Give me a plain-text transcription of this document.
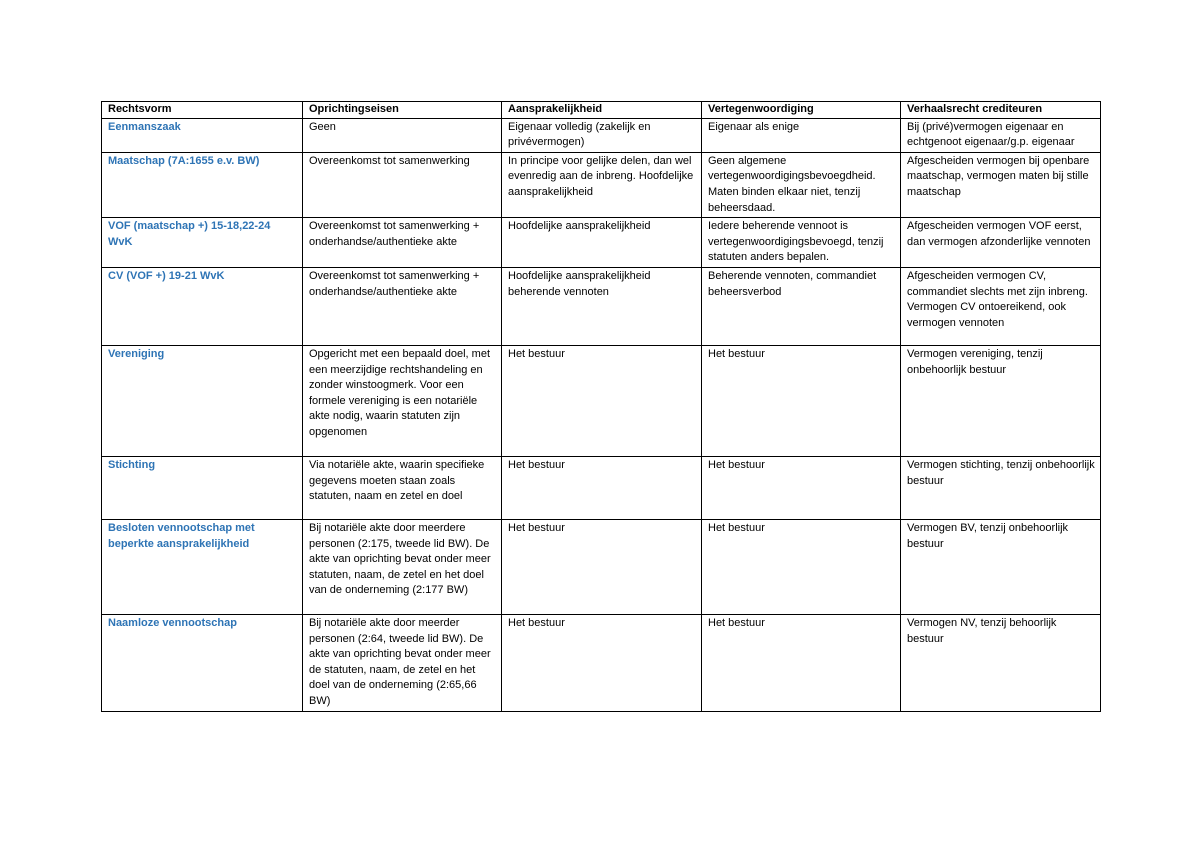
Rechtsvorm	Oprichtingseisen	Aansprakelijkheid	Vertegenwoordiging	Verhaalsrecht crediteuren
Eenmanszaak	Geen	Eigenaar volledig (zakelijk en privévermogen)	Eigenaar als enige	Bij (privé)vermogen eigenaar en echtgenoot eigenaar/g.p. eigenaar
Maatschap (7A:1655 e.v. BW)	Overeenkomst tot samenwerking	In principe voor gelijke delen, dan wel evenredig aan de inbreng. Hoofdelijke aansprakelijkheid	Geen algemene vertegenwoordigingsbevoegdheid. Maten binden elkaar niet, tenzij beheersdaad.	Afgescheiden vermogen bij openbare maatschap, vermogen maten bij stille maatschap
VOF (maatschap +) 15-18,22-24 WvK	Overeenkomst tot samenwerking + onderhandse/authentieke akte	Hoofdelijke aansprakelijkheid	Iedere beherende vennoot is vertegenwoordigingsbevoegd, tenzij statuten anders bepalen.	Afgescheiden vermogen VOF eerst, dan vermogen afzonderlijke vennoten
CV (VOF +) 19-21 WvK	Overeenkomst tot samenwerking + onderhandse/authentieke akte	Hoofdelijke aansprakelijkheid beherende vennoten	Beherende vennoten, commandiet beheersverbod	Afgescheiden vermogen CV, commandiet slechts met zijn inbreng. Vermogen CV ontoereikend, ook vermogen vennoten
Vereniging	Opgericht met een bepaald doel, met een meerzijdige rechtshandeling en zonder winstoogmerk. Voor een formele vereniging is een notariële akte nodig, waarin statuten zijn opgenomen	Het bestuur	Het bestuur	Vermogen vereniging, tenzij onbehoorlijk bestuur
Stichting	Via notariële akte, waarin specifieke gegevens moeten staan zoals statuten, naam en zetel en doel	Het bestuur	Het bestuur	Vermogen stichting, tenzij onbehoorlijk bestuur
Besloten vennootschap met beperkte aansprakelijkheid	Bij notariële akte door meerdere personen (2:175, tweede lid BW). De akte van oprichting bevat onder meer statuten, naam, de zetel en het doel van de onderneming (2:177 BW)	Het bestuur	Het bestuur	Vermogen BV, tenzij onbehoorlijk bestuur
Naamloze vennootschap	Bij notariële akte door meerder personen (2:64, tweede lid BW). De akte van oprichting bevat onder meer de statuten, naam, de zetel en het doel van de onderneming (2:65,66 BW)	Het bestuur	Het bestuur	Vermogen NV, tenzij behoorlijk bestuur
